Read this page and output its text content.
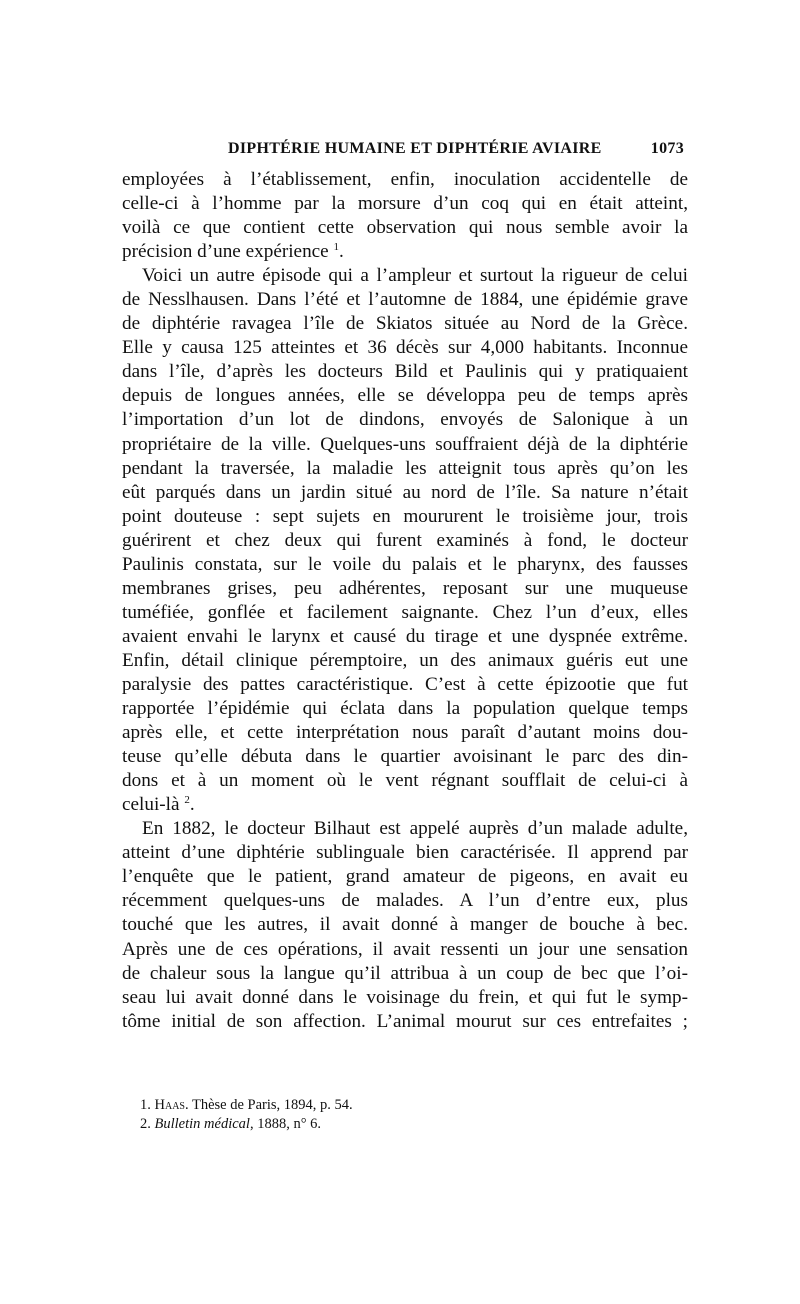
DIPHTÉRIE HUMAINE ET DIPHTÉRIE AVIAIRE	1073
employées à l’établissement, enfin, inoculation accidentelle de
celle-ci à l’homme par la morsure d’un coq qui en était atteint,
voilà ce que contient cette observation qui nous semble avoir la
précision d’une expérience $^1$.
Voici un autre épisode qui a l’ampleur et surtout la rigueur de celui
de Nesslhausen. Dans l’été et l’automne de 1884, une épidémie grave
de diphtérie ravagea l’île de Skiatos située au Nord de la Grèce.
Elle y causa 125 atteintes et 36 décès sur 4,000 habitants. Inconnue
dans l’île, d’après les docteurs Bild et Paulinis qui y pratiquaient
depuis de longues années, elle se développa peu de temps après
l’importation d’un lot de dindons, envoyés de Salonique à un
propriétaire de la ville. Quelques-uns souffraient déjà de la diphtérie
pendant la traversée, la maladie les atteignit tous après qu’on les
eût parqués dans un jardin situé au nord de l’île. Sa nature n’était
point douteuse : sept sujets en moururent le troisième jour, trois
guérirent et chez deux qui furent examinés à fond, le docteur
Paulinis constata, sur le voile du palais et le pharynx, des fausses
membranes grises, peu adhérentes, reposant sur une muqueuse
tuméfiée, gonflée et facilement saignante. Chez l’un d’eux, elles
avaient envahi le larynx et causé du tirage et une dyspnée extrême.
Enfin, détail clinique péremptoire, un des animaux guéris eut une
paralysie des pattes caractéristique. C’est à cette épizootie que fut
rapportée l’épidémie qui éclata dans la population quelque temps
après elle, et cette interprétation nous paraît d’autant moins dou-
teuse qu’elle débuta dans le quartier avoisinant le parc des din-
dons et à un moment où le vent régnant soufflait de celui-ci à
celui-là $^2$.
En 1882, le docteur Bilhaut est appelé auprès d’un malade adulte,
atteint d’une diphtérie sublinguale bien caractérisée. Il apprend par
l’enquête que le patient, grand amateur de pigeons, en avait eu
récemment quelques-uns de malades. A l’un d’entre eux, plus
touché que les autres, il avait donné à manger de bouche à bec.
Après une de ces opérations, il avait ressenti un jour une sensation
de chaleur sous la langue qu’il attribua à un coup de bec que l’oi-
seau lui avait donné dans le voisinage du frein, et qui fut le symp-
tôme initial de son affection. L’animal mourut sur ces entrefaites ;
1. Haas. Thèse de Paris, 1894, p. 54.
2. Bulletin médical, 1888, n° 6.
